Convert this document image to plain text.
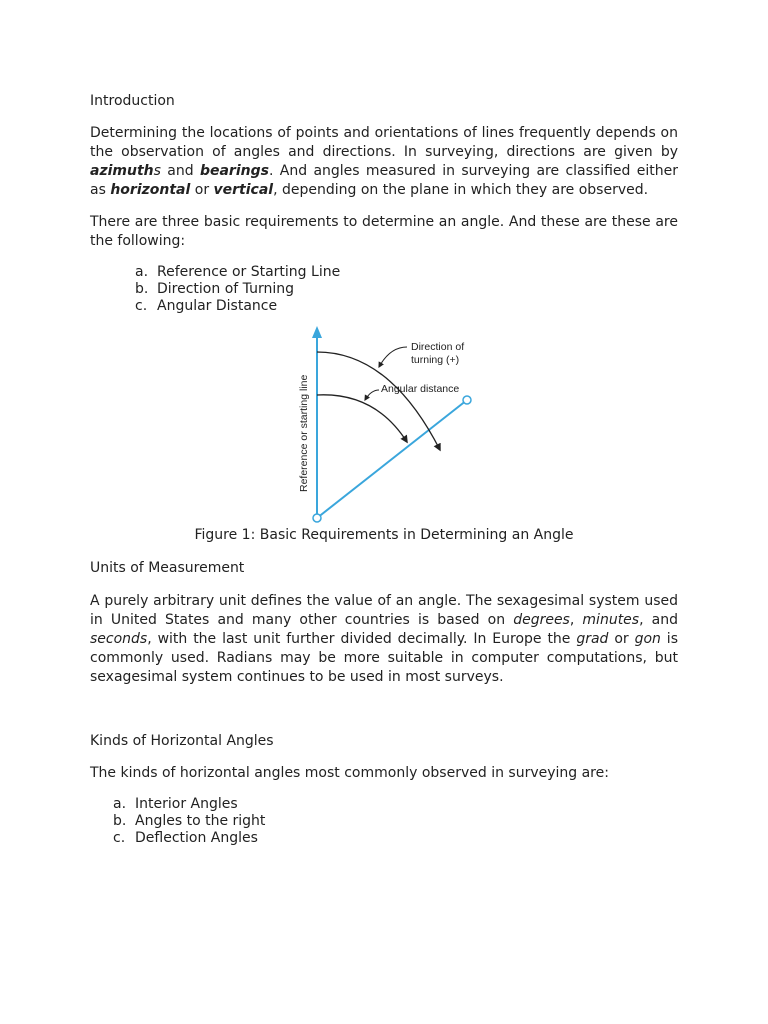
Introduction
Determining the locations of points and orientations of lines frequently depends on the observation of angles and directions. In surveying, directions are given by azimuths and bearings. And angles measured in surveying are classified either as horizontal or vertical, depending on the plane in which they are observed.
There are three basic requirements to determine an angle. And these are these are the following:
a. Reference or Starting Line
b. Direction of Turning
c. Angular Distance
Direction of
turning (+)
Angular distance
Reference or starting line
Figure 1: Basic Requirements in Determining an Angle
Units of Measurement
A purely arbitrary unit defines the value of an angle. The sexagesimal system used in United States and many other countries is based on degrees, minutes, and seconds, with the last unit further divided decimally. In Europe the grad or gon is commonly used. Radians may be more suitable in computer computations, but sexagesimal system continues to be used in most surveys.
Kinds of Horizontal Angles
The kinds of horizontal angles most commonly observed in surveying are:
a. Interior Angles
b. Angles to the right
c. Deflection Angles
